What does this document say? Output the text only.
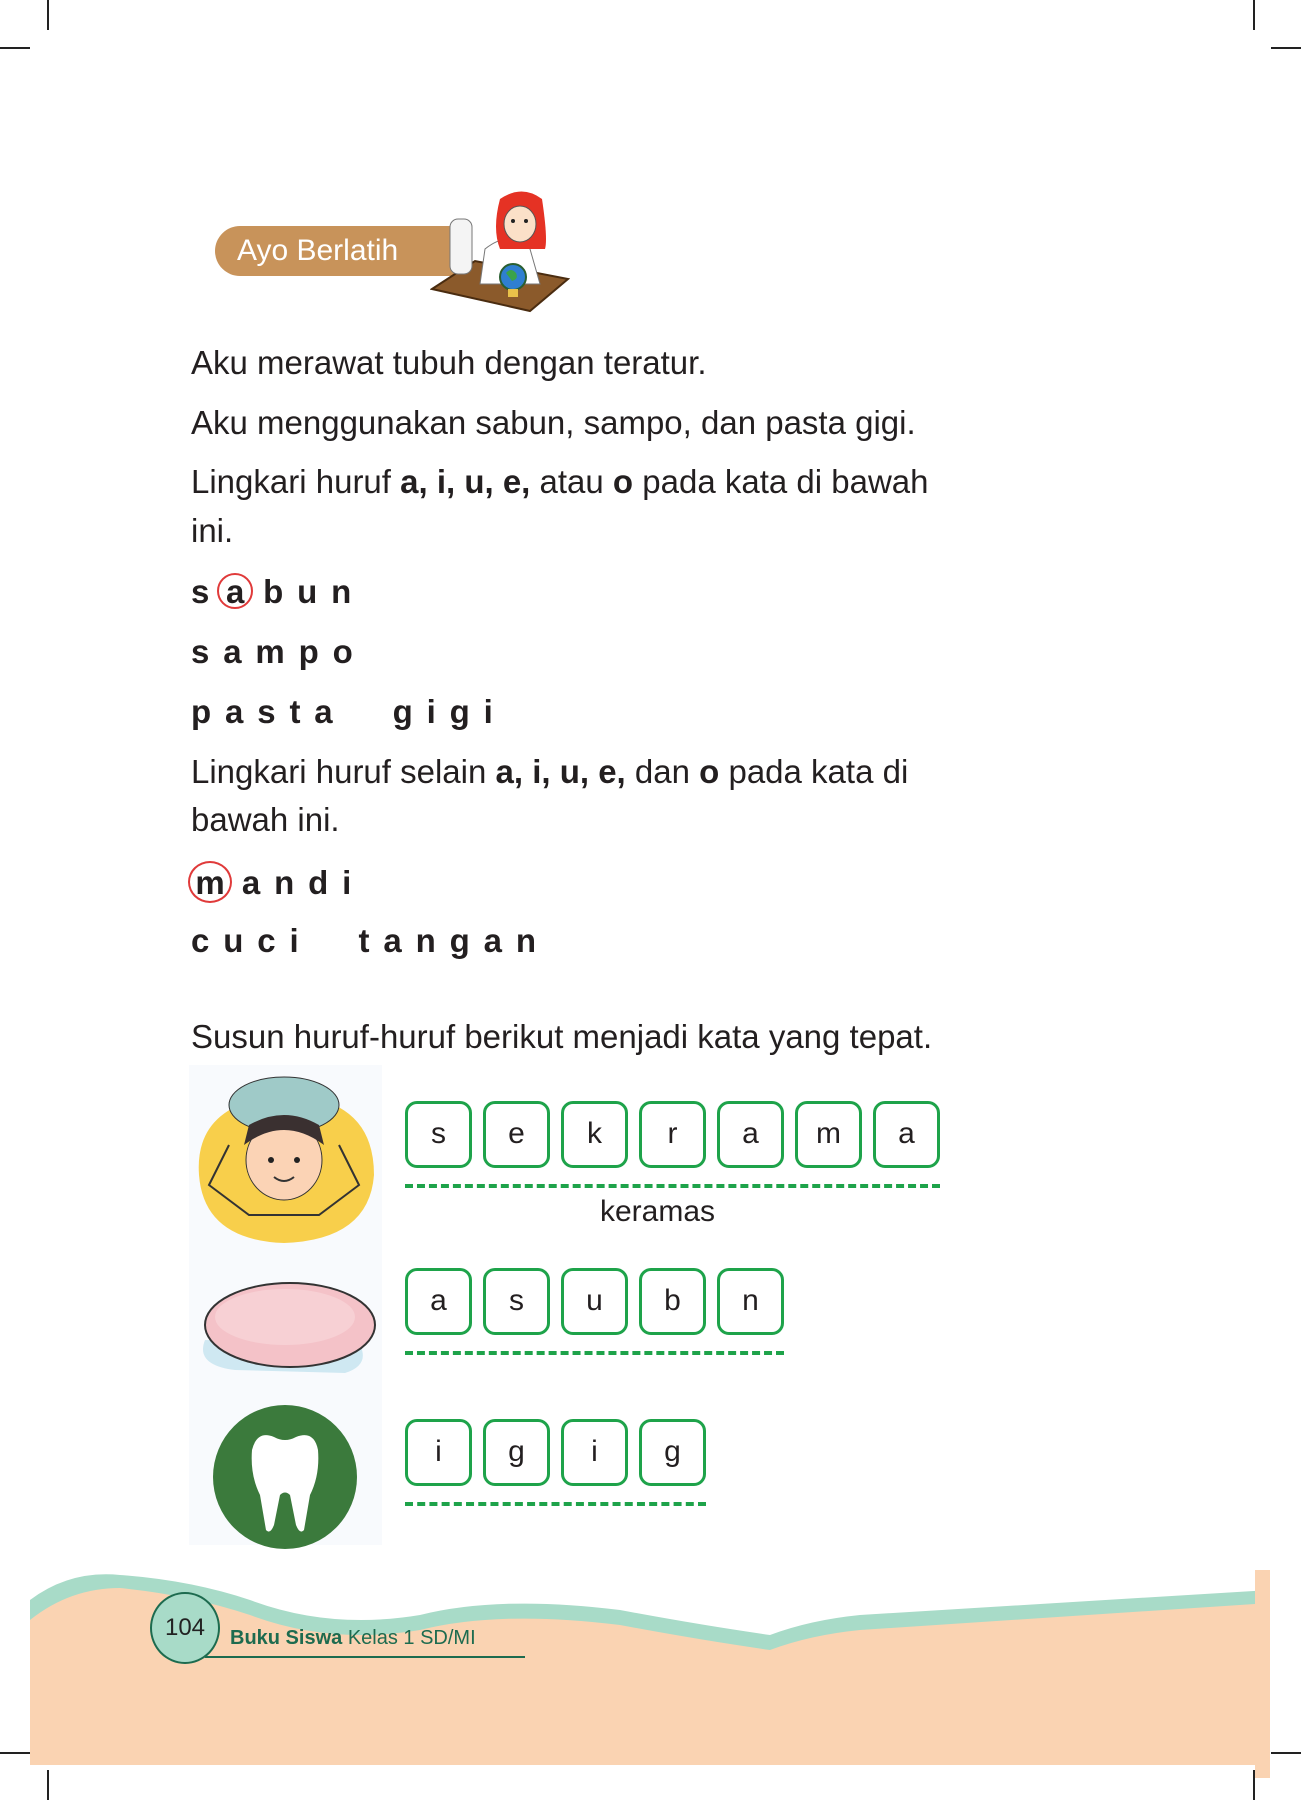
Ayo Berlatih
Aku merawat tubuh dengan teratur.
Aku menggunakan sabun, sampo, dan pasta gigi.
Lingkari huruf a, i, u, e, atau o pada kata di bawah
ini.
sa bun
sampo
pasta  gigi
Lingkari huruf selain a, i, u, e, dan o pada kata di
bawah ini.
m andi
cuci  tangan
Susun huruf-huruf berikut menjadi kata yang tepat.
s	e	k	r	a	m	a
a	s	u	b	n
i	g	i	g
keramas
104	Buku Siswa Kelas 1 SD/MI
